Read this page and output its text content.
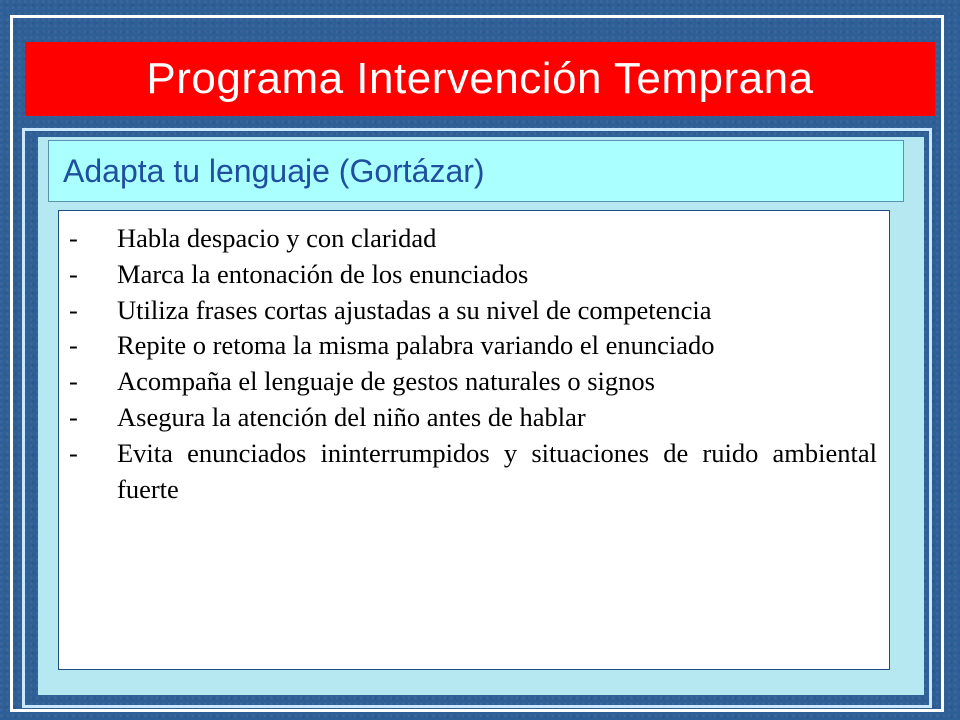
Programa Intervención Temprana
Adapta tu lenguaje (Gortázar)
-	Habla despacio y con claridad
-	Marca la entonación de los enunciados
-	Utiliza frases cortas ajustadas a su nivel de competencia
-	Repite o retoma la misma palabra variando el enunciado
-	Acompaña el lenguaje de gestos naturales o signos
-	Asegura la atención del niño antes de hablar
-	Evita enunciados ininterrumpidos y situaciones de ruido ambiental fuerte
